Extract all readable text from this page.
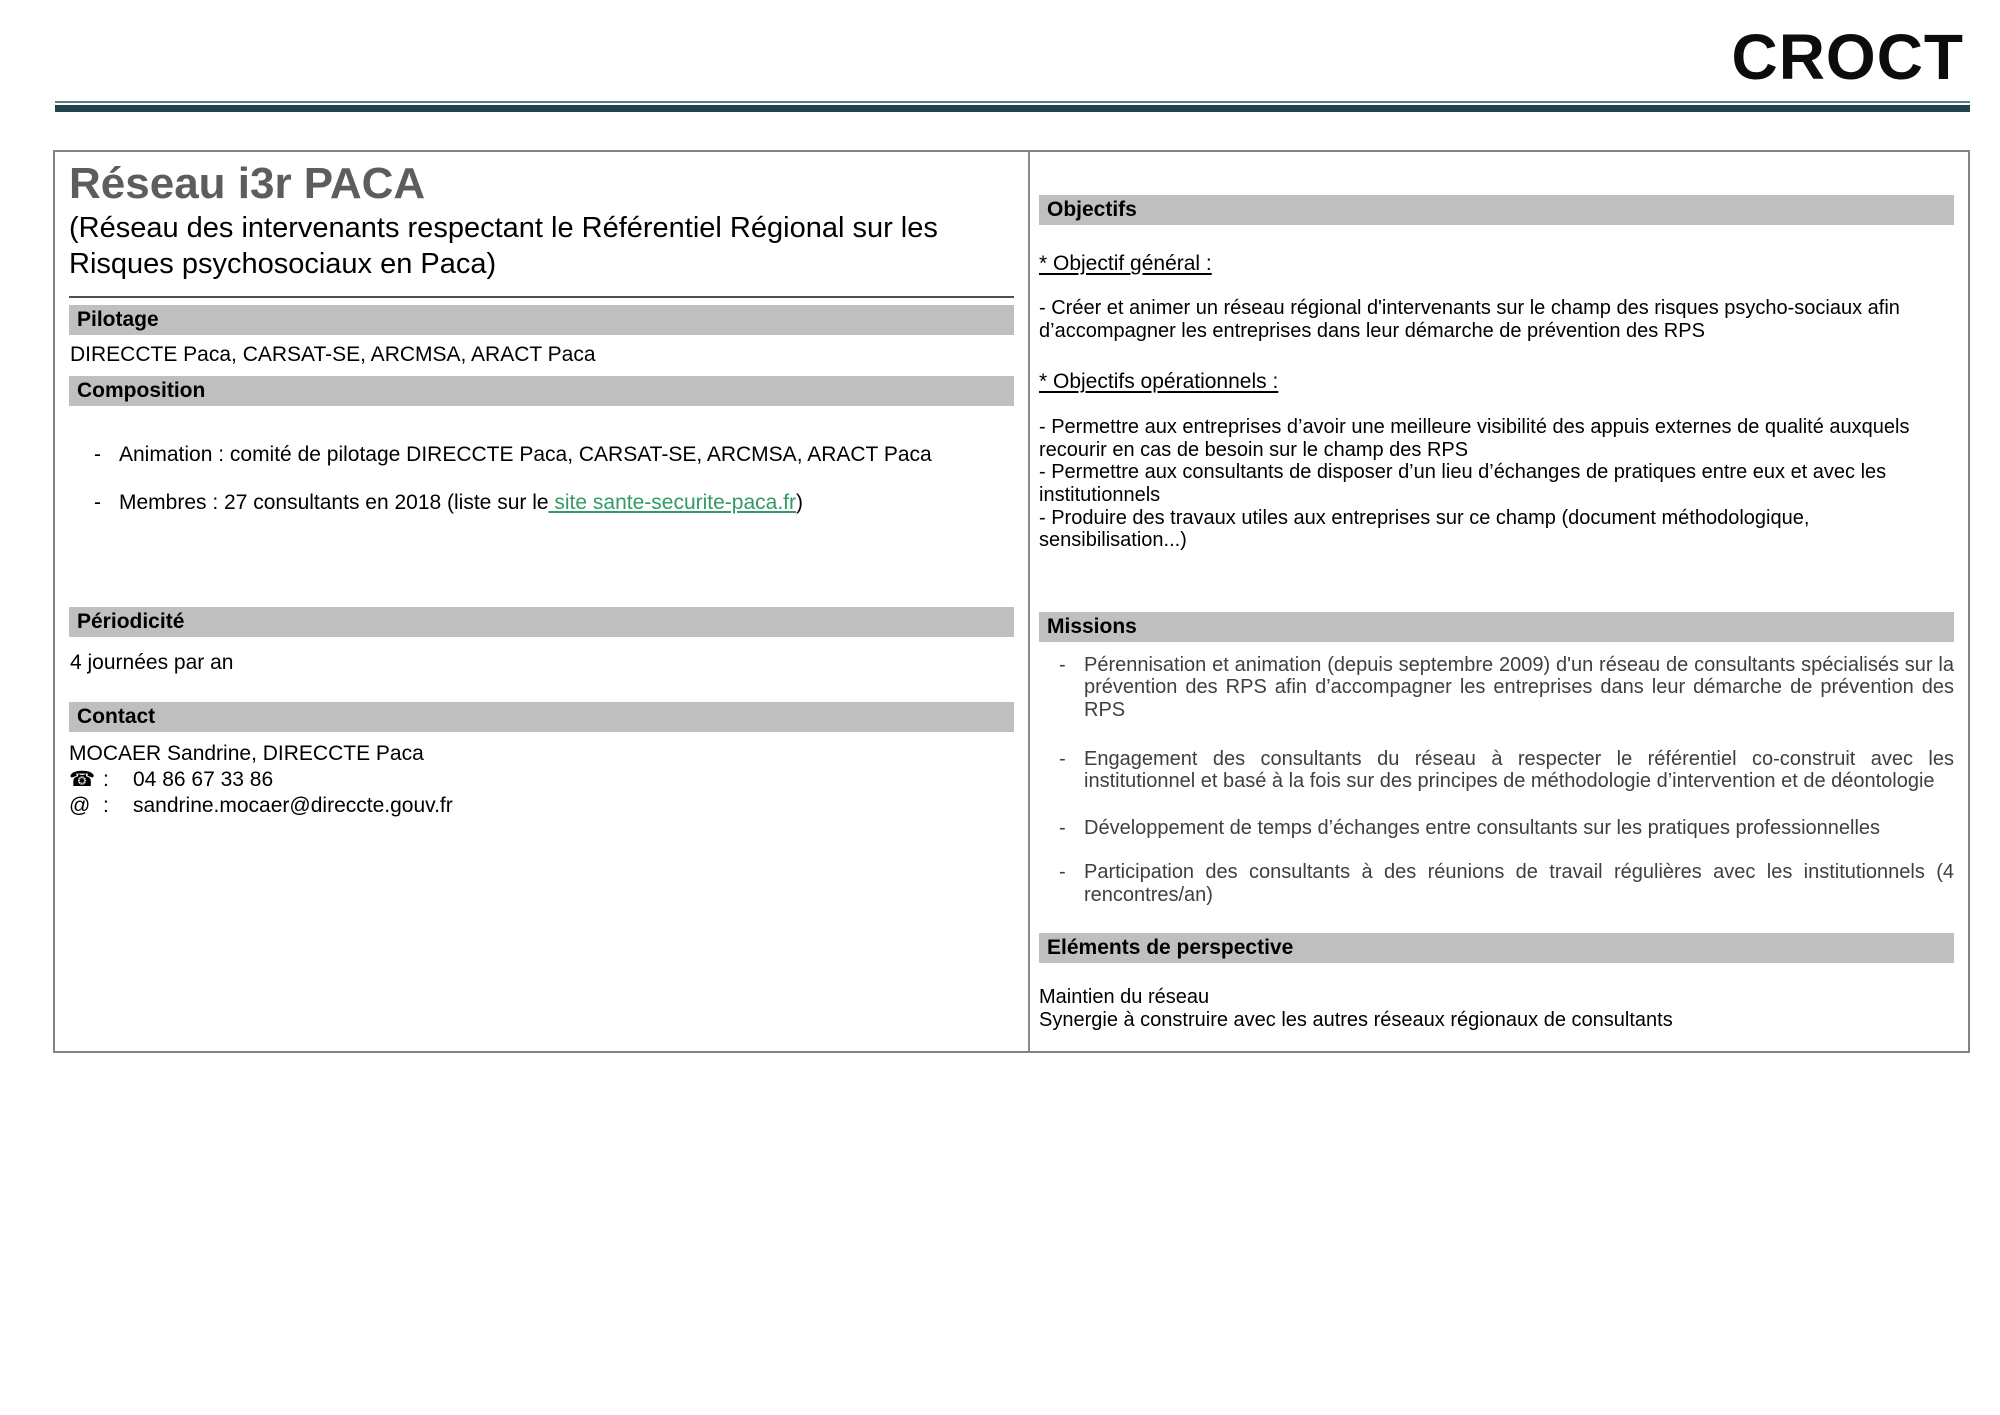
CROCT
Réseau i3r PACA
(Réseau des intervenants respectant le Référentiel Régional sur les Risques psychosociaux en Paca)
Pilotage
DIRECCTE Paca, CARSAT-SE, ARCMSA, ARACT Paca
Composition
- Animation : comité de pilotage DIRECCTE Paca, CARSAT-SE, ARCMSA, ARACT Paca
- Membres : 27 consultants en 2018 (liste sur le site sante-securite-paca.fr)
Périodicité
4 journées par an
Contact
MOCAER Sandrine, DIRECCTE Paca
☎ :	04 86 67 33 86
@ :	sandrine.mocaer@direccte.gouv.fr
Objectifs
* Objectif général :
- Créer et animer un réseau régional d'intervenants sur le champ des risques psycho-sociaux afin d’accompagner les entreprises dans leur démarche de prévention des RPS
* Objectifs opérationnels :
- Permettre aux entreprises d’avoir une meilleure visibilité des appuis externes de qualité auxquels recourir en cas de besoin sur le champ des RPS
- Permettre aux consultants de disposer d’un lieu d’échanges de pratiques entre eux et avec les institutionnels
- Produire des travaux utiles aux entreprises sur ce champ (document méthodologique, sensibilisation...)
Missions
- Pérennisation et animation (depuis septembre 2009) d'un réseau de consultants spécialisés sur la prévention des RPS afin d’accompagner les entreprises dans leur démarche de prévention des RPS
- Engagement des consultants du réseau à respecter le référentiel co-construit avec les institutionnel et basé à la fois sur des principes de méthodologie d’intervention et de déontologie
- Développement de temps d’échanges entre consultants sur les pratiques professionnelles
- Participation des consultants à des réunions de travail régulières avec les institutionnels (4 rencontres/an)
Eléments de perspective
Maintien du réseau
Synergie à construire avec les autres réseaux régionaux de consultants
